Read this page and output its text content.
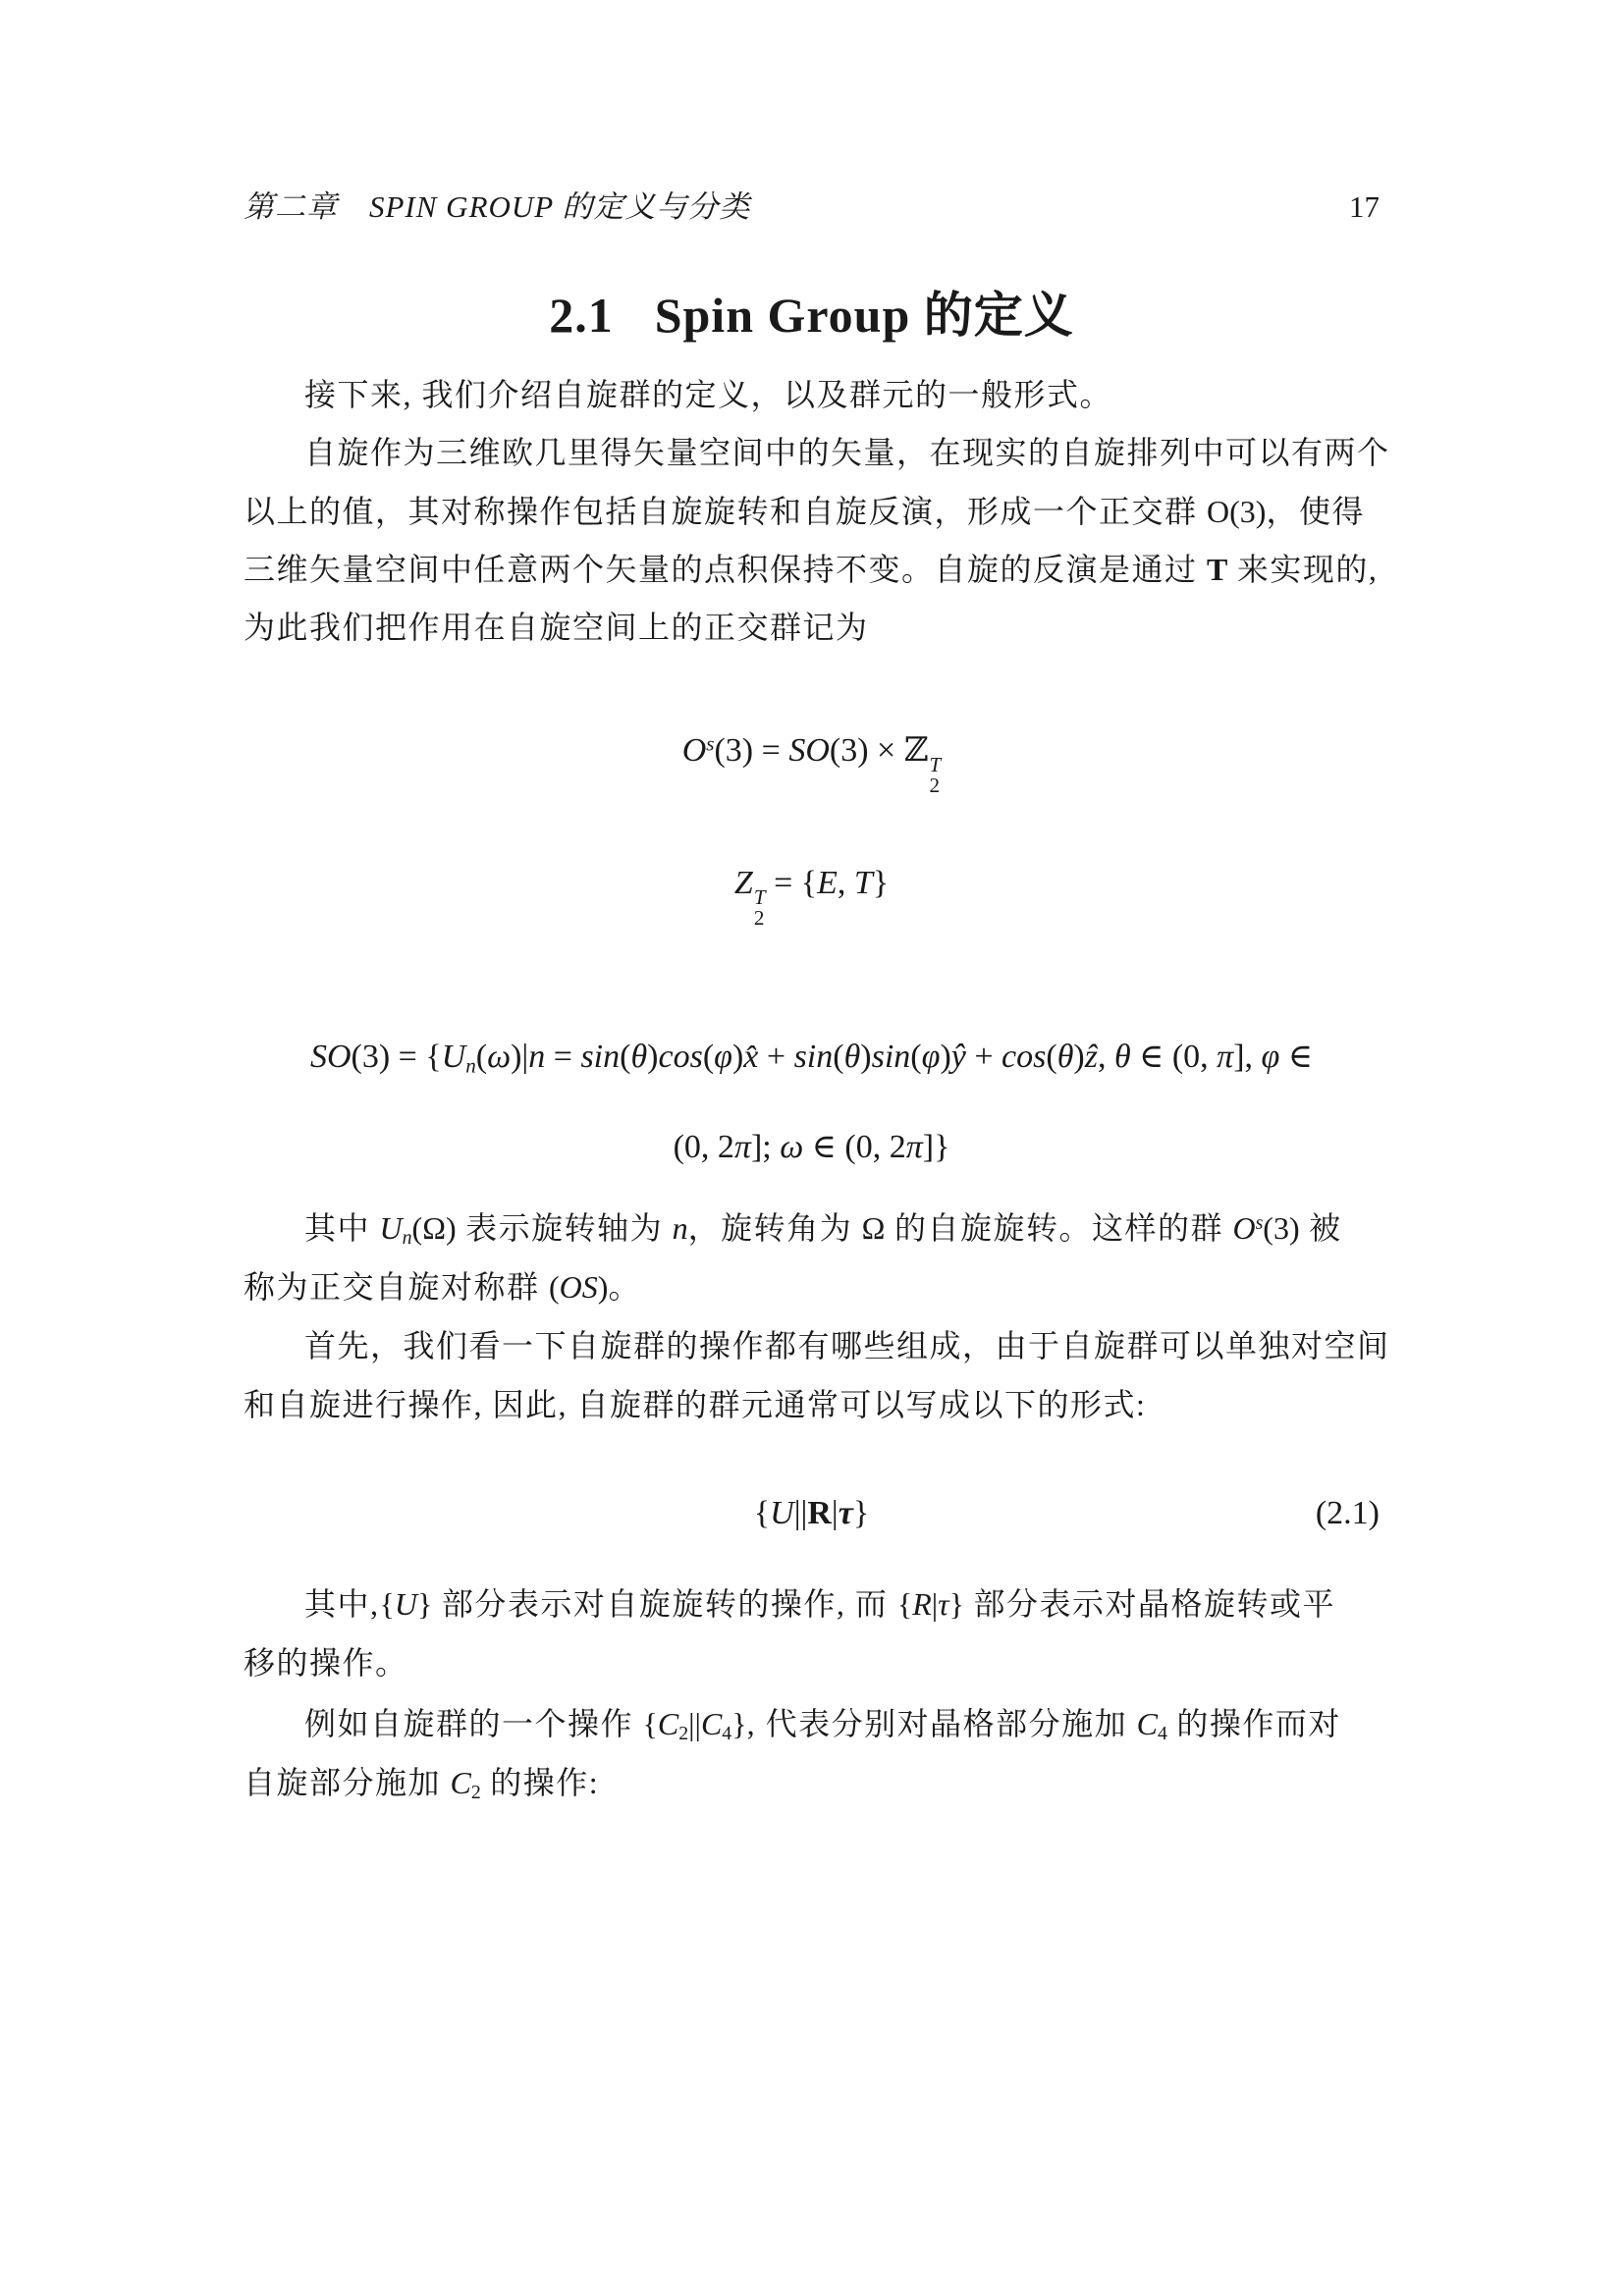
第二章　SPIN GROUP 的定义与分类	17
2.1 Spin Group 的定义
接下来, 我们介绍自旋群的定义，以及群元的一般形式。
自旋作为三维欧几里得矢量空间中的矢量，在现实的自旋排列中可以有两个
以上的值，其对称操作包括自旋旋转和自旋反演，形成一个正交群 O(3)，使得
三维矢量空间中任意两个矢量的点积保持不变。自旋的反演是通过 T 来实现的,
为此我们把作用在自旋空间上的正交群记为
$O^s(3) = SO(3)$ × ℤ T
2
Z T
2
= {E, T}
SO(3) = {Un(ω)|n = sin(θ)cos(φ)x̂ + sin(θ)sin(φ)ŷ + cos(θ)ẑ, θ ∈ (0, π], φ ∈
(0, 2π]; ω ∈ (0, 2π]}
其中 Un(Ω) 表示旋转轴为 n，旋转角为 Ω 的自旋旋转。这样的群 $O^s(3)$ 被
称为正交自旋对称群 (OS)。
首先，我们看一下自旋群的操作都有哪些组成，由于自旋群可以单独对空间
和自旋进行操作, 因此, 自旋群的群元通常可以写成以下的形式:
{U||R|τ}	(2.1)
其中,{U} 部分表示对自旋旋转的操作, 而 {R|τ} 部分表示对晶格旋转或平
移的操作。
例如自旋群的一个操作 $\{C_2||C_4\}$, 代表分别对晶格部分施加 $C_4$ 的操作而对
自旋部分施加 $C_2$ 的操作:
